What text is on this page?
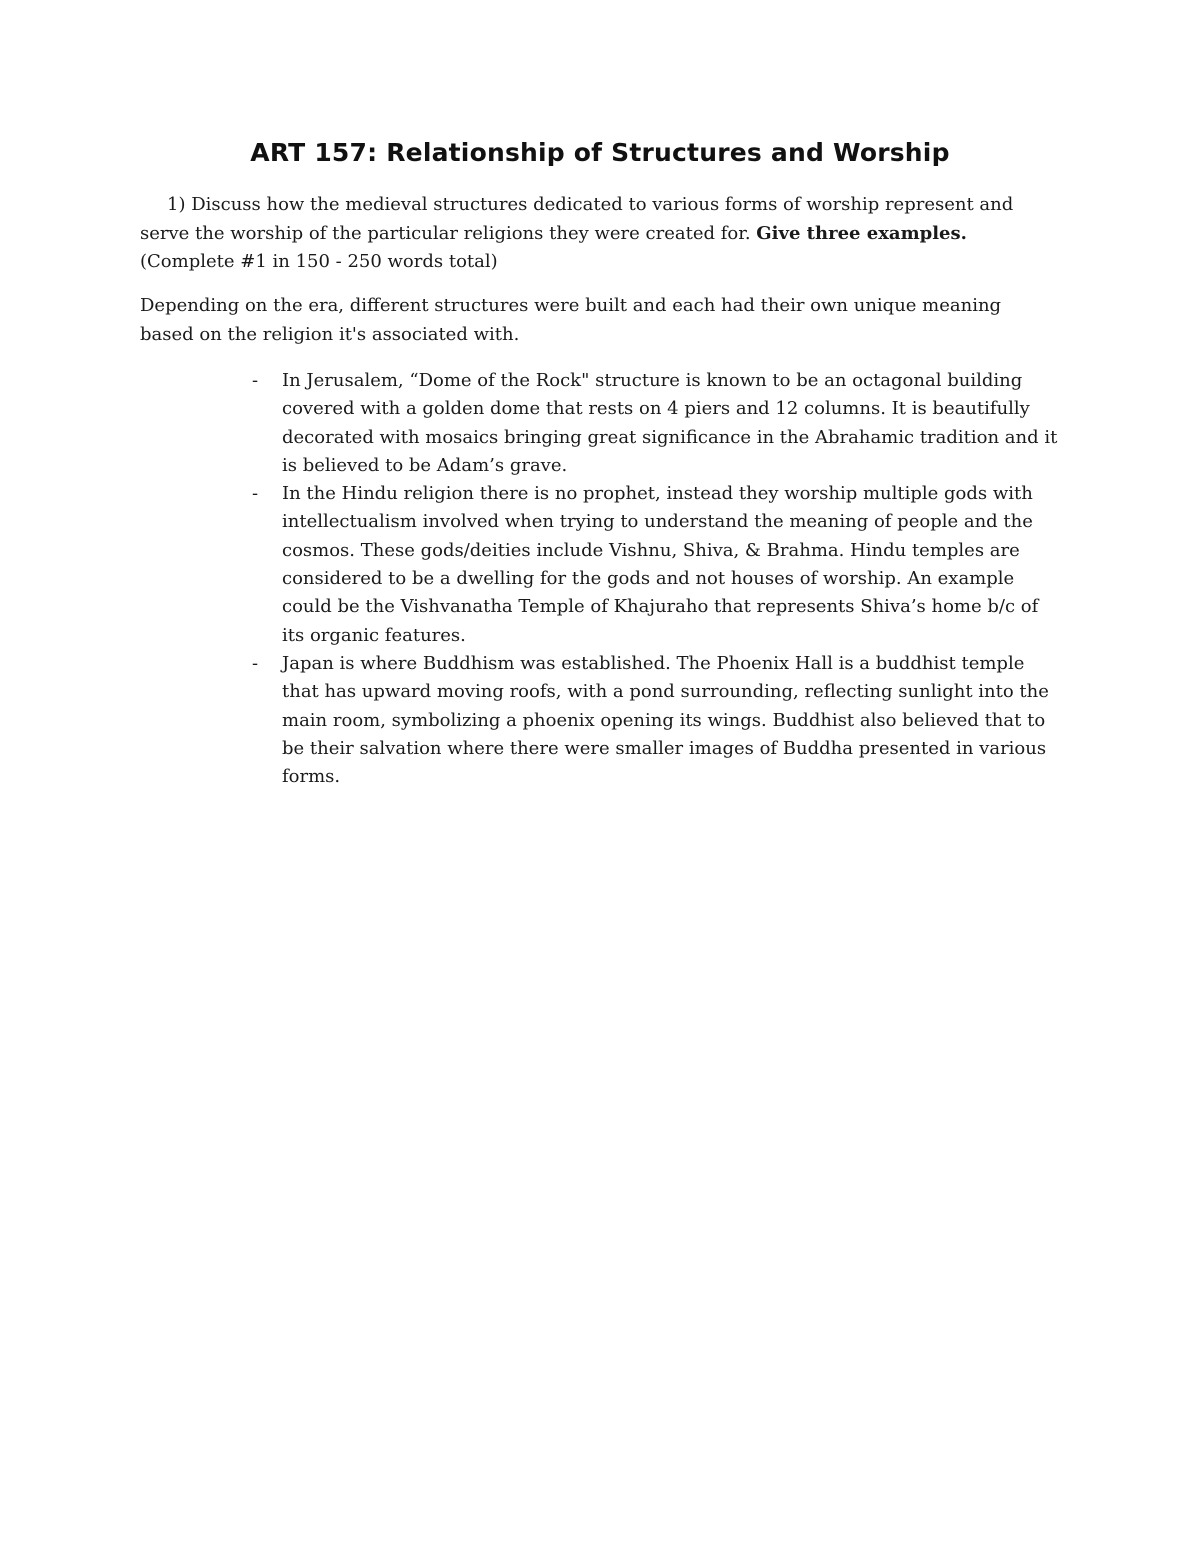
ART 157: Relationship of Structures and Worship

1) Discuss how the medieval structures dedicated to various forms of worship represent and serve the worship of the particular religions they were created for. Give three examples. (Complete #1 in 150 - 250 words total)

Depending on the era, different structures were built and each had their own unique meaning based on the religion it's associated with.

- In Jerusalem, “Dome of the Rock" structure is known to be an octagonal building covered with a golden dome that rests on 4 piers and 12 columns. It is beautifully decorated with mosaics bringing great significance in the Abrahamic tradition and it is believed to be Adam’s grave.
- In the Hindu religion there is no prophet, instead they worship multiple gods with intellectualism involved when trying to understand the meaning of people and the cosmos. These gods/deities include Vishnu, Shiva, & Brahma. Hindu temples are considered to be a dwelling for the gods and not houses of worship. An example could be the Vishvanatha Temple of Khajuraho that represents Shiva’s home b/c of its organic features.
- Japan is where Buddhism was established. The Phoenix Hall is a buddhist temple that has upward moving roofs, with a pond surrounding, reflecting sunlight into the main room, symbolizing a phoenix opening its wings. Buddhist also believed that to be their salvation where there were smaller images of Buddha presented in various forms.
